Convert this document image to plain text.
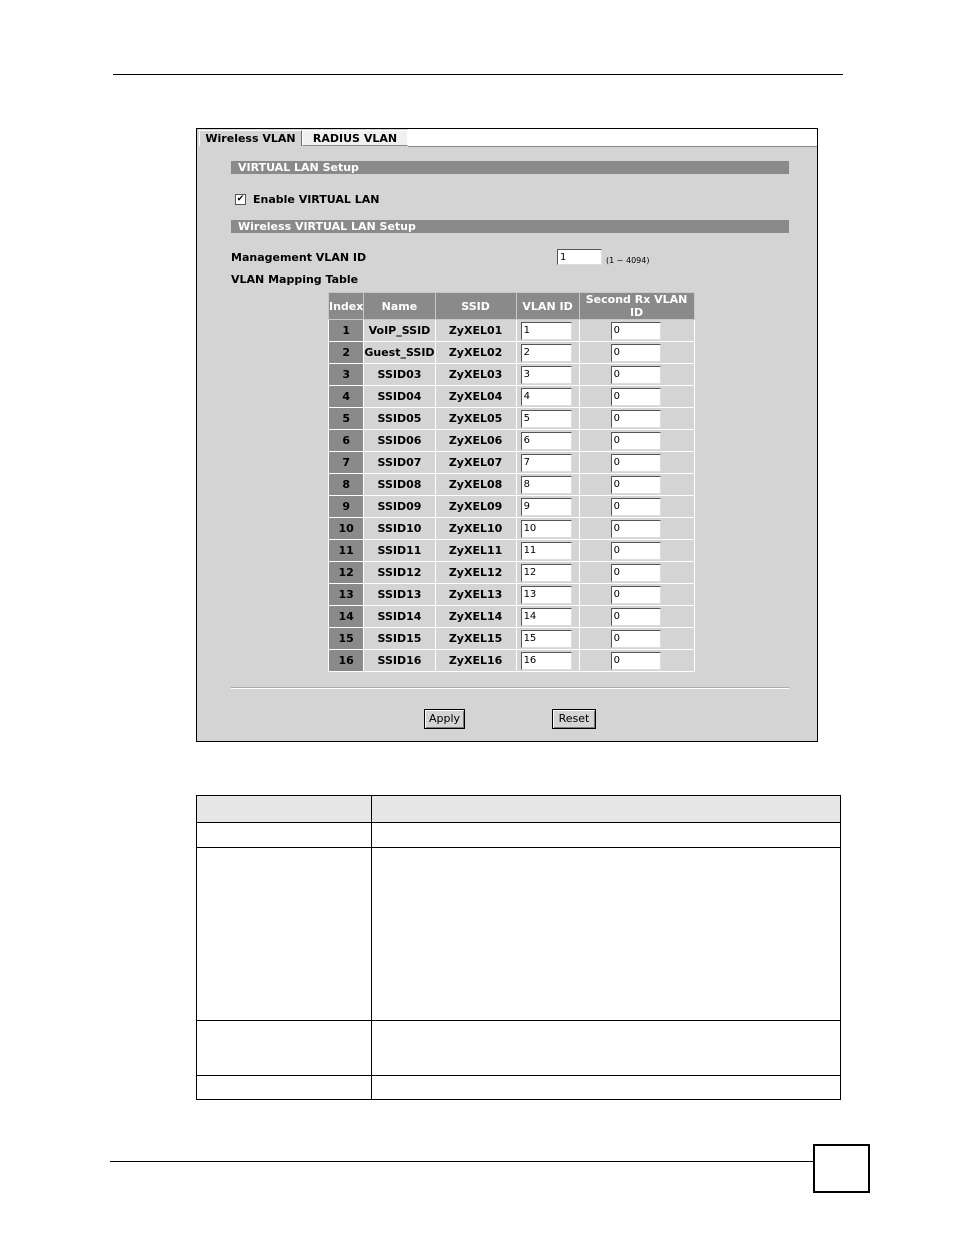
Wireless VLAN	RADIUS VLAN
VIRTUAL LAN Setup
✔ Enable VIRTUAL LAN
Wireless VIRTUAL LAN Setup
Management VLAN ID
1	(1 ~ 4094)
VLAN Mapping Table
Index	Name	SSID	VLAN ID	Second Rx VLAN ID
1	VoIP_SSID	ZyXEL01	1	0
2	Guest_SSID	ZyXEL02	2	0
3	SSID03	ZyXEL03	3	0
4	SSID04	ZyXEL04	4	0
5	SSID05	ZyXEL05	5	0
6	SSID06	ZyXEL06	6	0
7	SSID07	ZyXEL07	7	0
8	SSID08	ZyXEL08	8	0
9	SSID09	ZyXEL09	9	0
10	SSID10	ZyXEL10	10	0
11	SSID11	ZyXEL11	11	0
12	SSID12	ZyXEL12	12	0
13	SSID13	ZyXEL13	13	0
14	SSID14	ZyXEL14	14	0
15	SSID15	ZyXEL15	15	0
16	SSID16	ZyXEL16	16	0
Apply	Reset
